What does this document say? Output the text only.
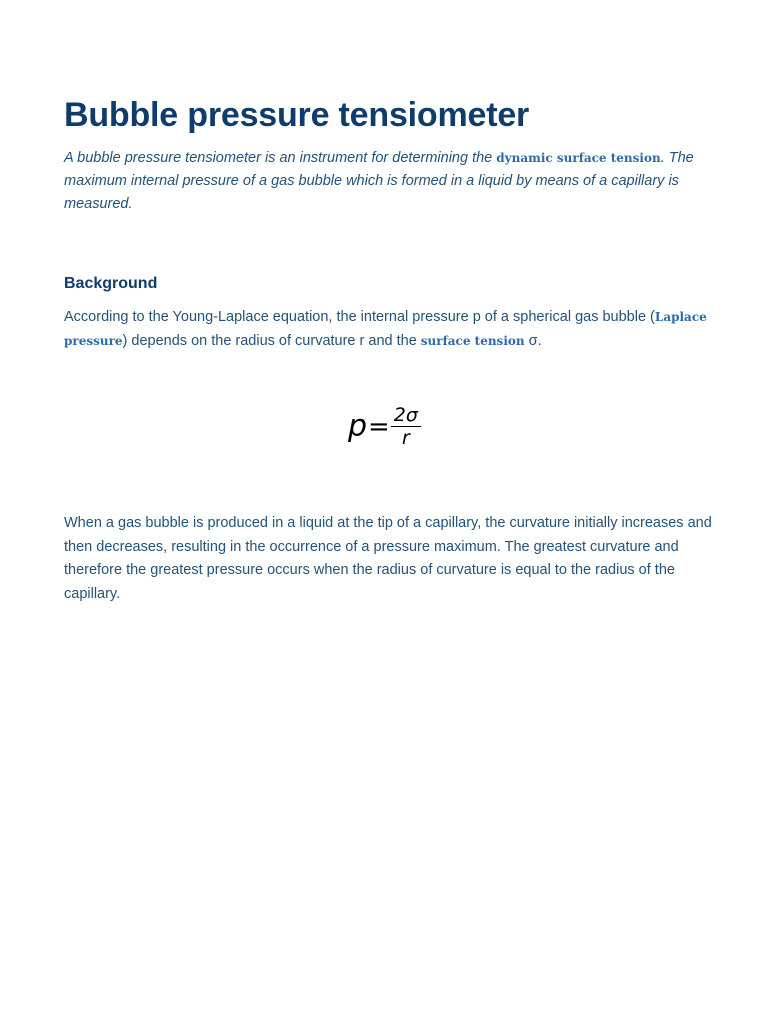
Bubble pressure tensiometer

A bubble pressure tensiometer is an instrument for determining the dynamic surface tension. The maximum internal pressure of a gas bubble which is formed in a liquid by means of a capillary is measured.

Background

According to the Young-Laplace equation, the internal pressure p of a spherical gas bubble (Laplace pressure) depends on the radius of curvature r and the surface tension σ.

$p = \frac{2\sigma}{r}$

When a gas bubble is produced in a liquid at the tip of a capillary, the curvature initially increases and then decreases, resulting in the occurrence of a pressure maximum. The greatest curvature and therefore the greatest pressure occurs when the radius of curvature is equal to the radius of the capillary.
